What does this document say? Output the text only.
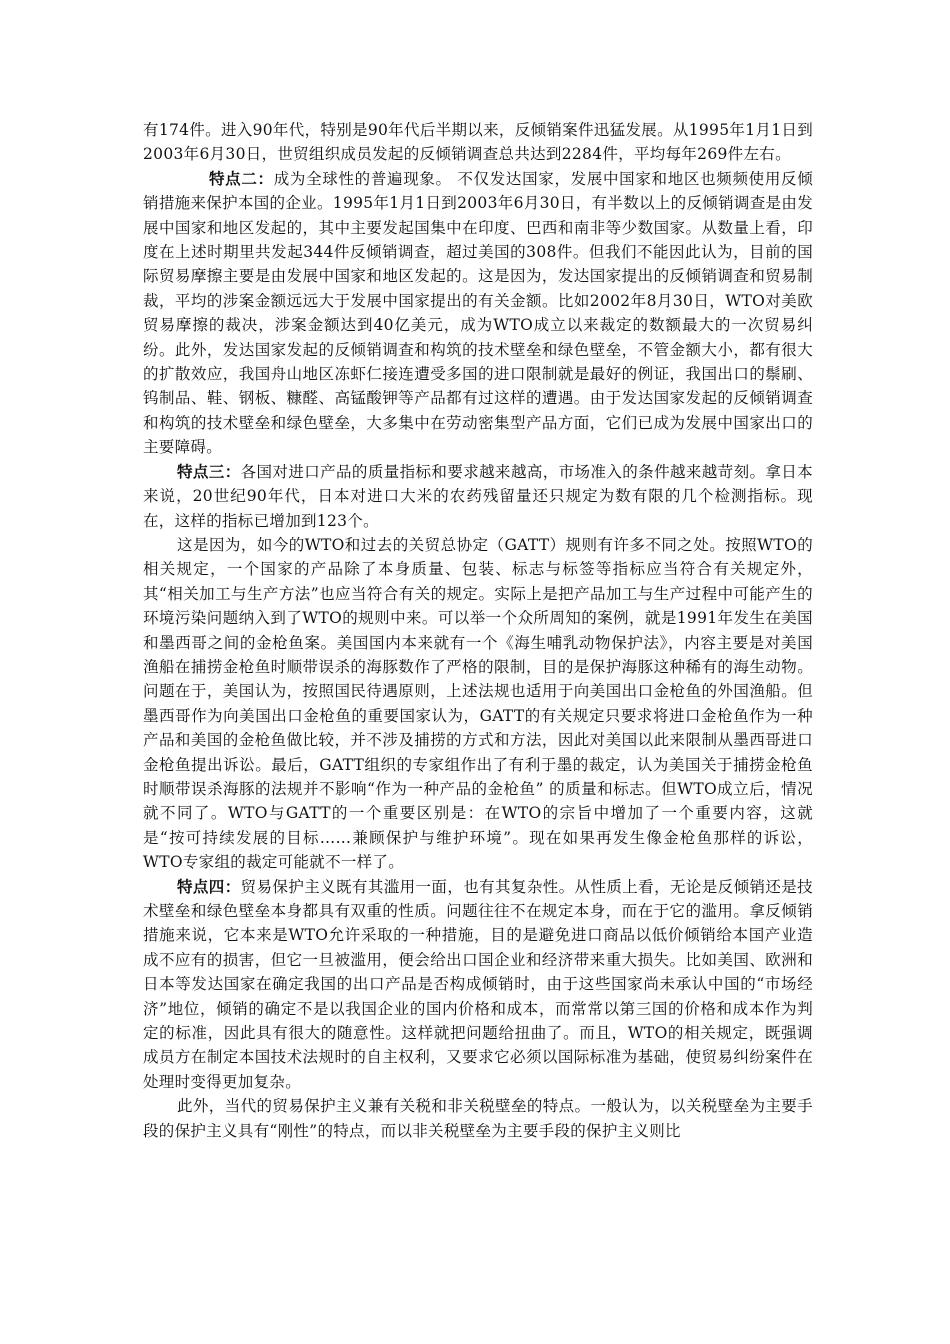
有174件。进入90年代，特别是90年代后半期以来，反倾销案件迅猛发展。从1995年1月1日到2003年6月30日，世贸组织成员发起的反倾销调查总共达到2284件，平均每年269件左右。

特点二：成为全球性的普遍现象。 不仅发达国家，发展中国家和地区也频频使用反倾销措施来保护本国的企业。1995年1月1日到2003年6月30日，有半数以上的反倾销调查是由发展中国家和地区发起的，其中主要发起国集中在印度、巴西和南非等少数国家。从数量上看，印度在上述时期里共发起344件反倾销调查，超过美国的308件。但我们不能因此认为，目前的国际贸易摩擦主要是由发展中国家和地区发起的。这是因为，发达国家提出的反倾销调查和贸易制裁，平均的涉案金额远远大于发展中国家提出的有关金额。比如2002年8月30日，WTO对美欧贸易摩擦的裁决，涉案金额达到40亿美元，成为WTO成立以来裁定的数额最大的一次贸易纠纷。此外，发达国家发起的反倾销调查和构筑的技术壁垒和绿色壁垒，不管金额大小，都有很大的扩散效应，我国舟山地区冻虾仁接连遭受多国的进口限制就是最好的例证，我国出口的鬃刷、钨制品、鞋、钢板、糠醛、高锰酸钾等产品都有过这样的遭遇。由于发达国家发起的反倾销调查和构筑的技术壁垒和绿色壁垒，大多集中在劳动密集型产品方面，它们已成为发展中国家出口的主要障碍。

特点三：各国对进口产品的质量指标和要求越来越高，市场准入的条件越来越苛刻。拿日本来说，20世纪90年代，日本对进口大米的农药残留量还只规定为数有限的几个检测指标。现在，这样的指标已增加到123个。

这是因为，如今的WTO和过去的关贸总协定（GATT）规则有许多不同之处。按照WTO的相关规定，一个国家的产品除了本身质量、包装、标志与标签等指标应当符合有关规定外，其“相关加工与生产方法”也应当符合有关的规定。实际上是把产品加工与生产过程中可能产生的环境污染问题纳入到了WTO的规则中来。可以举一个众所周知的案例，就是1991年发生在美国和墨西哥之间的金枪鱼案。美国国内本来就有一个《海生哺乳动物保护法》，内容主要是对美国渔船在捕捞金枪鱼时顺带误杀的海豚数作了严格的限制，目的是保护海豚这种稀有的海生动物。问题在于，美国认为，按照国民待遇原则，上述法规也适用于向美国出口金枪鱼的外国渔船。但墨西哥作为向美国出口金枪鱼的重要国家认为，GATT的有关规定只要求将进口金枪鱼作为一种产品和美国的金枪鱼做比较，并不涉及捕捞的方式和方法，因此对美国以此来限制从墨西哥进口金枪鱼提出诉讼。最后，GATT组织的专家组作出了有利于墨的裁定，认为美国关于捕捞金枪鱼时顺带误杀海豚的法规并不影响“作为一种产品的金枪鱼” 的质量和标志。但WTO成立后，情况就不同了。WTO与GATT的一个重要区别是：在WTO的宗旨中增加了一个重要内容，这就是“按可持续发展的目标……兼顾保护与维护环境”。现在如果再发生像金枪鱼那样的诉讼，WTO专家组的裁定可能就不一样了。

特点四：贸易保护主义既有其滥用一面，也有其复杂性。从性质上看，无论是反倾销还是技术壁垒和绿色壁垒本身都具有双重的性质。问题往往不在规定本身，而在于它的滥用。拿反倾销措施来说，它本来是WTO允许采取的一种措施，目的是避免进口商品以低价倾销给本国产业造成不应有的损害，但它一旦被滥用，便会给出口国企业和经济带来重大损失。比如美国、欧洲和日本等发达国家在确定我国的出口产品是否构成倾销时，由于这些国家尚未承认中国的“市场经济”地位，倾销的确定不是以我国企业的国内价格和成本，而常常以第三国的价格和成本作为判定的标准，因此具有很大的随意性。这样就把问题给扭曲了。而且，WTO的相关规定，既强调成员方在制定本国技术法规时的自主权利，又要求它必须以国际标准为基础，使贸易纠纷案件在处理时变得更加复杂。

此外，当代的贸易保护主义兼有关税和非关税壁垒的特点。一般认为，以关税壁垒为主要手段的保护主义具有“刚性”的特点，而以非关税壁垒为主要手段的保护主义则比
